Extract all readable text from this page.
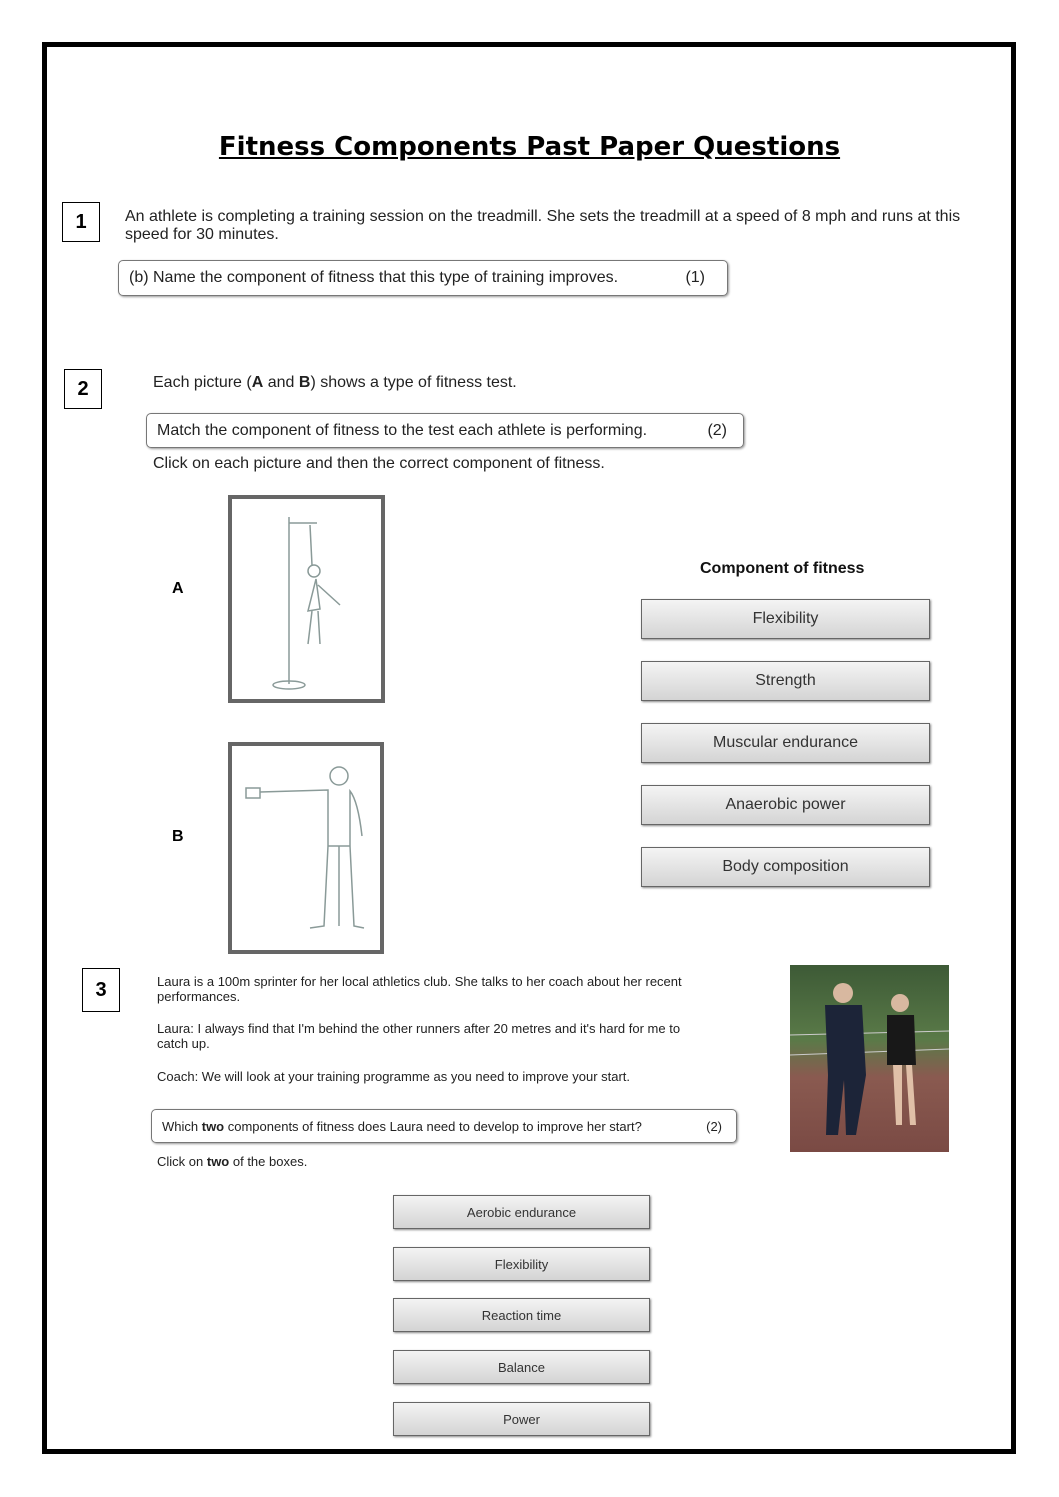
Fitness Components Past Paper Questions
1	An athlete is completing a training session on the treadmill. She sets the treadmill at a speed of 8 mph and runs at this speed for 30 minutes.
(b) Name the component of fitness that this type of training improves.	(1)
2	Each picture (A and B) shows a type of fitness test.
Match the component of fitness to the test each athlete is performing.	(2)
Click on each picture and then the correct component of fitness.
A
B
Component of fitness
Flexibility
Strength
Muscular endurance
Anaerobic power
Body composition
3	Laura is a 100m sprinter for her local athletics club. She talks to her coach about her recent performances.
Laura: I always find that I'm behind the other runners after 20 metres and it's hard for me to catch up.
Coach: We will look at your training programme as you need to improve your start.
Which two components of fitness does Laura need to develop to improve her start?	(2)
Click on two of the boxes.
Aerobic endurance
Flexibility
Reaction time
Balance
Power
